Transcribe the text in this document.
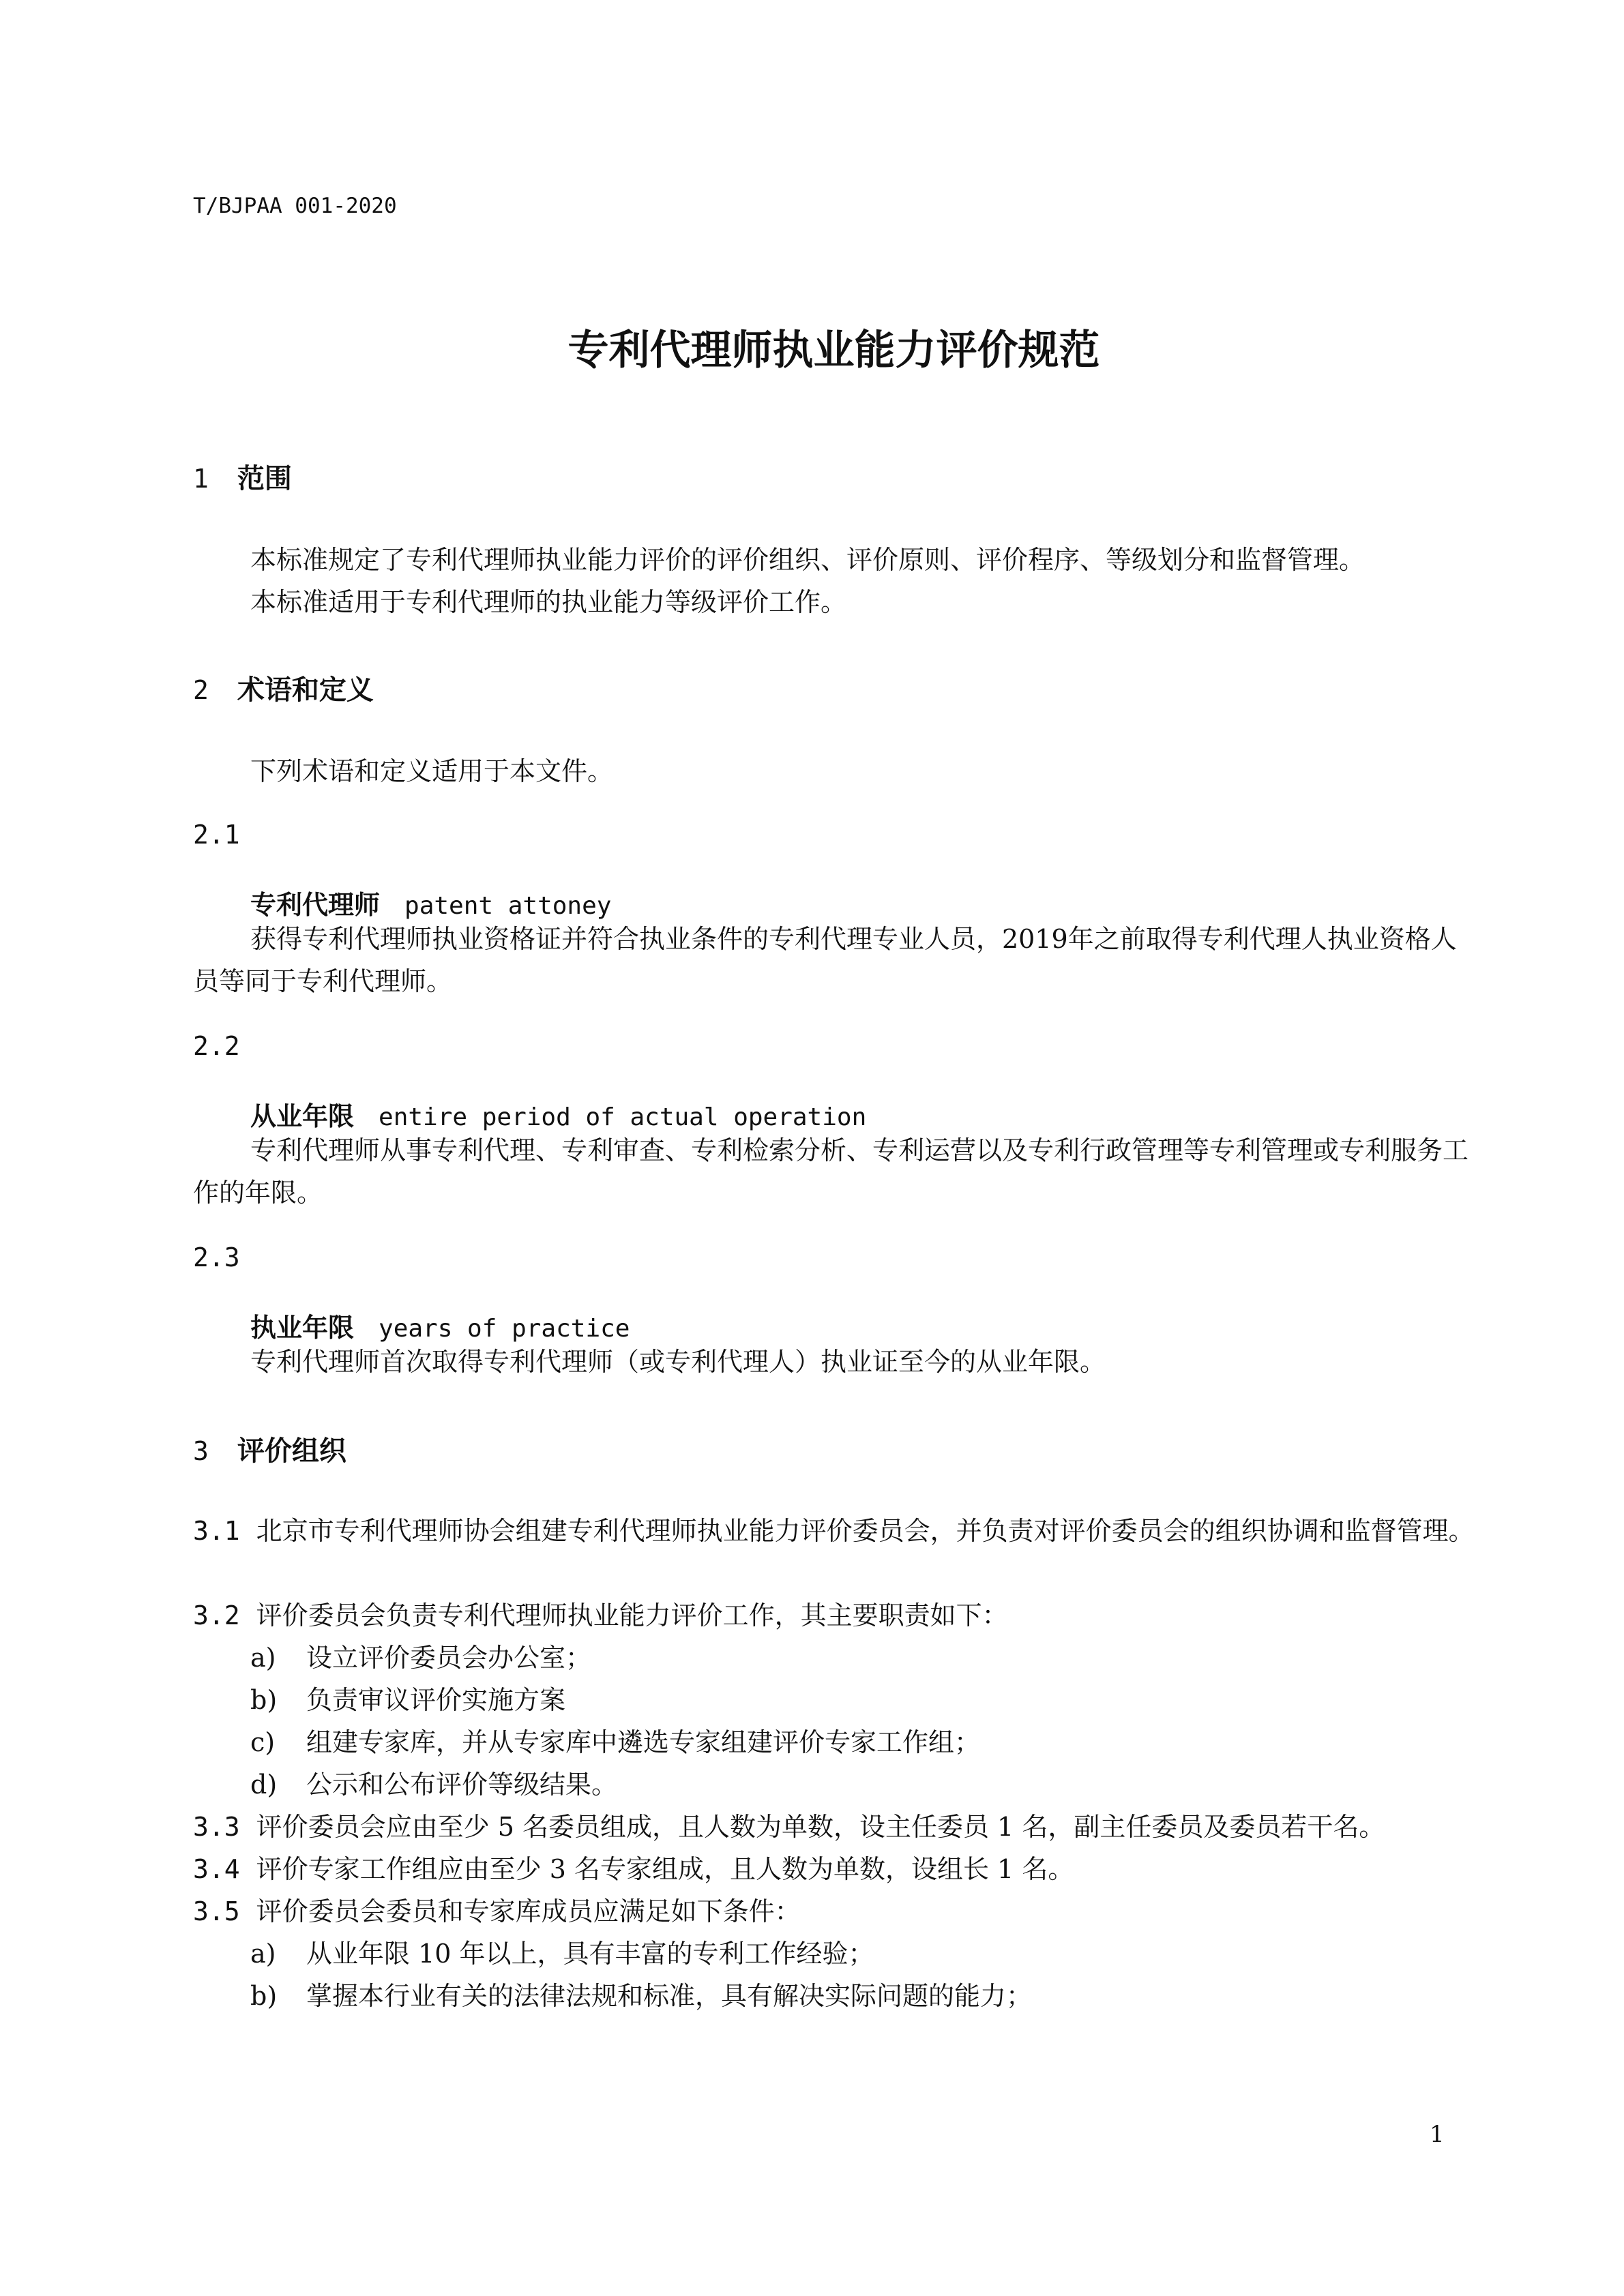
T/BJPAA 001-2020
专利代理师执业能力评价规范
1 范围
本标准规定了专利代理师执业能力评价的评价组织、评价原则、评价程序、等级划分和监督管理。
本标准适用于专利代理师的执业能力等级评价工作。
2 术语和定义
下列术语和定义适用于本文件。
2.1
专利代理师 patent attoney
获得专利代理师执业资格证并符合执业条件的专利代理专业人员，2019年之前取得专利代理人执业资格人员等同于专利代理师。
2.2
从业年限 entire period of actual operation
专利代理师从事专利代理、专利审查、专利检索分析、专利运营以及专利行政管理等专利管理或专利服务工作的年限。
2.3
执业年限 years of practice
专利代理师首次取得专利代理师（或专利代理人）执业证至今的从业年限。
3 评价组织
3.1 北京市专利代理师协会组建专利代理师执业能力评价委员会，并负责对评价委员会的组织协调和监督管理。
3.2 评价委员会负责专利代理师执业能力评价工作，其主要职责如下：
a) 设立评价委员会办公室；
b) 负责审议评价实施方案
c) 组建专家库，并从专家库中遴选专家组建评价专家工作组；
d) 公示和公布评价等级结果。
3.3 评价委员会应由至少 5 名委员组成，且人数为单数，设主任委员 1 名，副主任委员及委员若干名。
3.4 评价专家工作组应由至少 3 名专家组成，且人数为单数，设组长 1 名。
3.5 评价委员会委员和专家库成员应满足如下条件：
a) 从业年限 10 年以上，具有丰富的专利工作经验；
b) 掌握本行业有关的法律法规和标准，具有解决实际问题的能力；
1
